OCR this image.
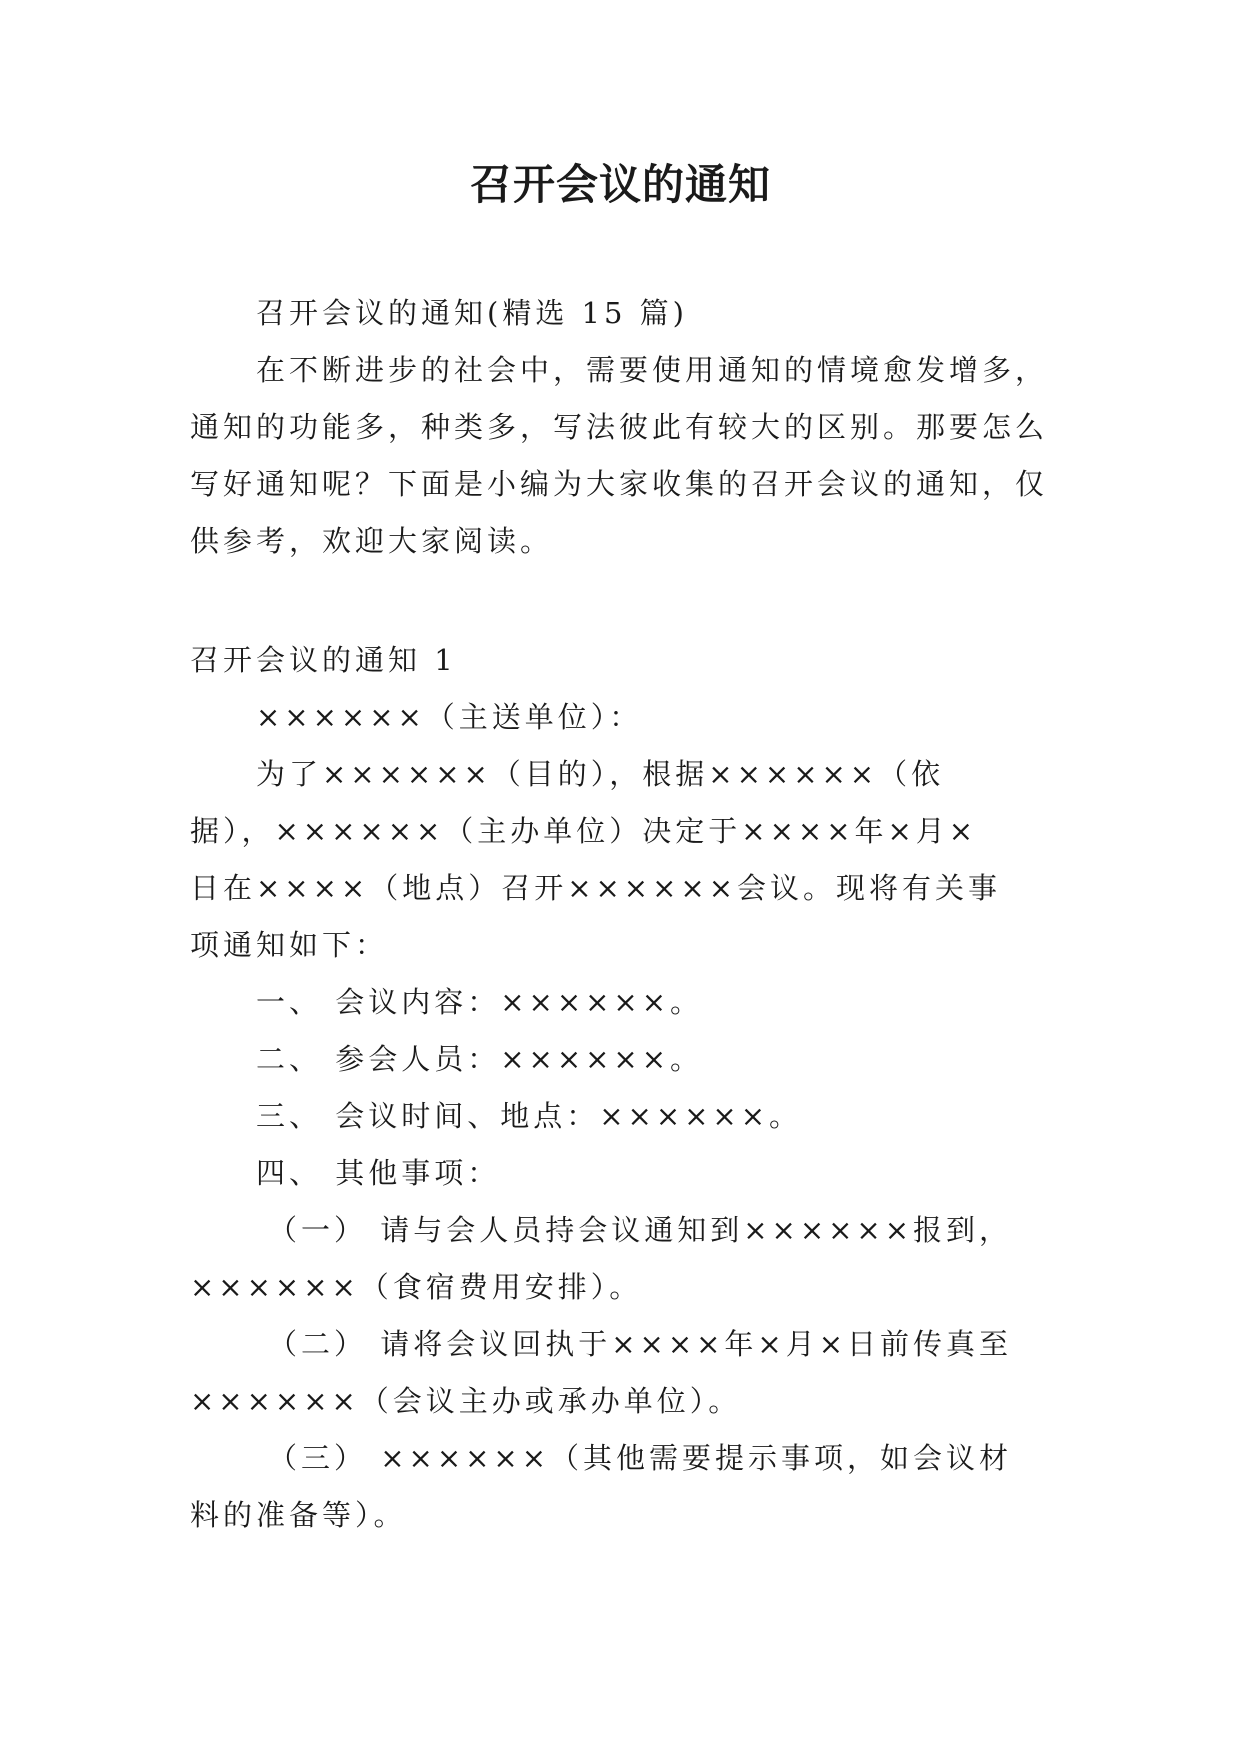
召开会议的通知
召开会议的通知(精选 15 篇)
在不断进步的社会中，需要使用通知的情境愈发增多，
通知的功能多，种类多，写法彼此有较大的区别。那要怎么
写好通知呢？下面是小编为大家收集的召开会议的通知，仅
供参考，欢迎大家阅读。
召开会议的通知 1
××××××（主送单位）：
为了××××××（目的），根据××××××（依
据），××××××（主办单位）决定于××××年×月×
日在××××（地点）召开××××××会议。现将有关事
项通知如下：
一、 会议内容：××××××。
二、 参会人员：××××××。
三、 会议时间、地点：××××××。
四、 其他事项：
（一） 请与会人员持会议通知到××××××报到，
××××××（食宿费用安排）。
（二） 请将会议回执于××××年×月×日前传真至
××××××（会议主办或承办单位）。
（三） ××××××（其他需要提示事项，如会议材
料的准备等）。
